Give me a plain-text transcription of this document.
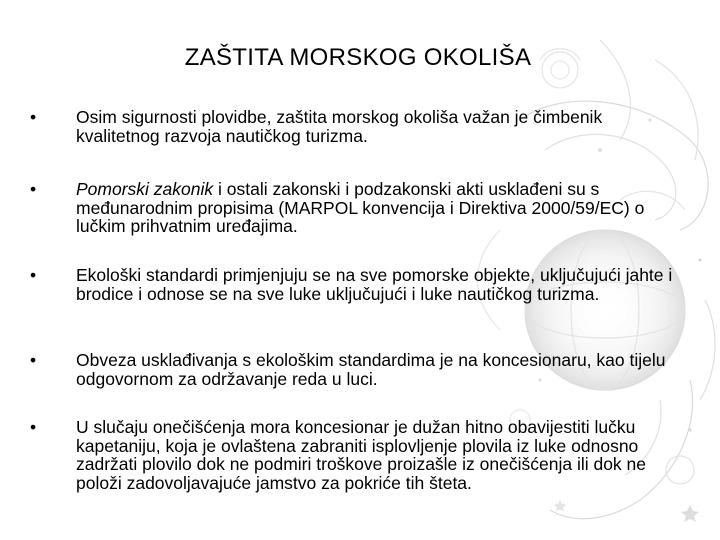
ZAŠTITA MORSKOG OKOLIŠA
•	Osim sigurnosti plovidbe, zaštita morskog okoliša važan je čimbenik kvalitetnog razvoja nautičkog turizma.
•	Pomorski zakonik i ostali zakonski i podzakonski akti usklađeni su s međunarodnim propisima (MARPOL konvencija i Direktiva 2000/59/EC) o lučkim prihvatnim uređajima.
•	Ekološki standardi primjenjuju se na sve pomorske objekte, uključujući jahte i brodice i odnose se na sve luke uključujući i luke nautičkog turizma.
•	Obveza usklađivanja s ekološkim standardima je na koncesionaru, kao tijelu odgovornom za održavanje reda u luci.
•	U slučaju onečišćenja mora koncesionar je dužan hitno obavijestiti lučku kapetaniju, koja je ovlaštena zabraniti isplovljenje plovila iz luke odnosno zadržati plovilo dok ne podmiri troškove proizašle iz onečišćenja ili dok ne položi zadovoljavajuće jamstvo za pokriće tih šteta.
